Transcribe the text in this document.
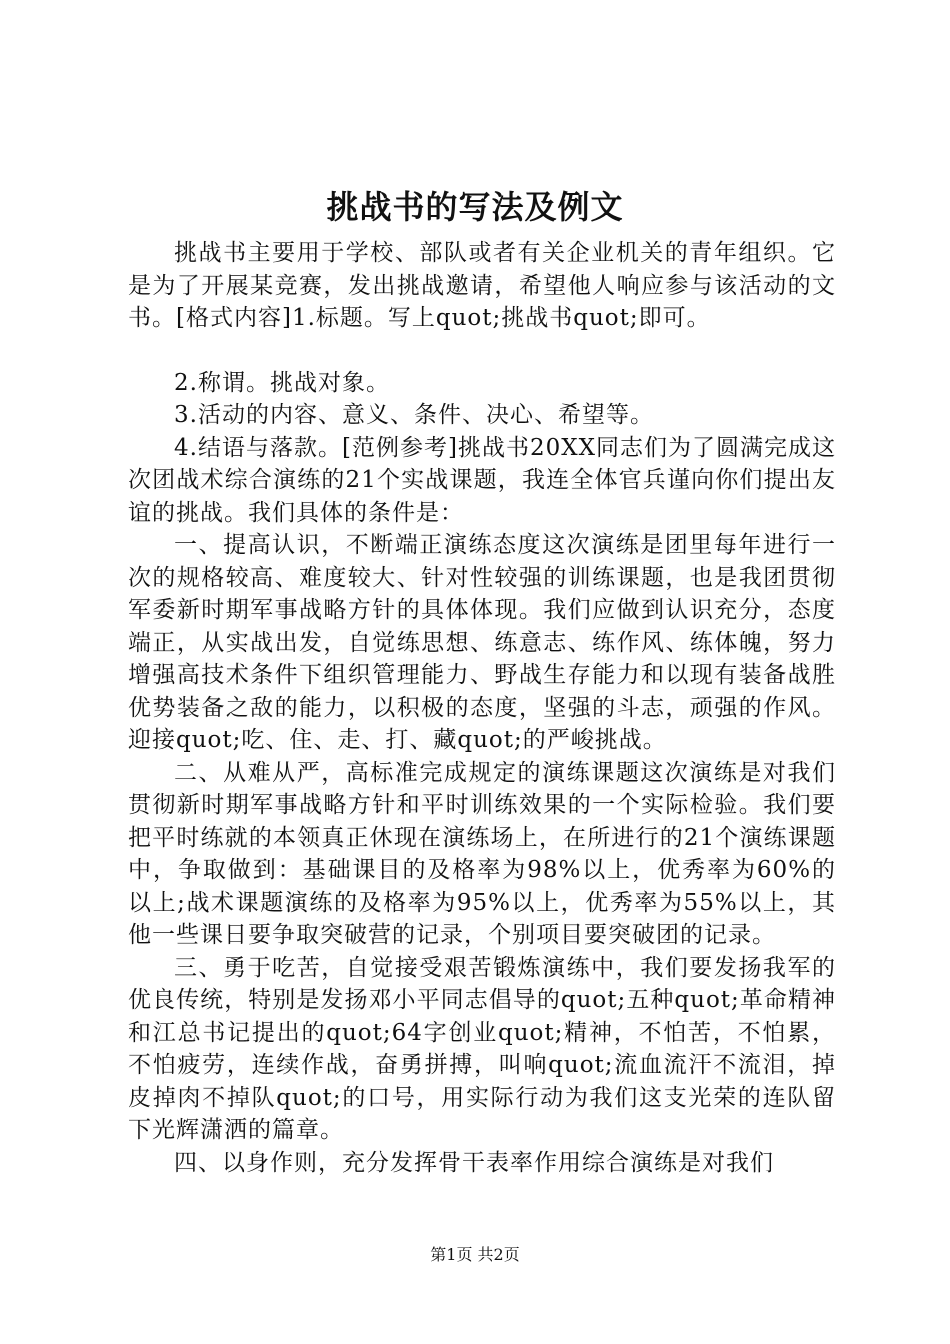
挑战书的写法及例文

挑战书主要用于学校、部队或者有关企业机关的青年组织。它是为了开展某竞赛，发出挑战邀请，希望他人响应参与该活动的文书。[格式内容]1.标题。写上quot;挑战书quot;即可。

2.称谓。挑战对象。

3.活动的内容、意义、条件、决心、希望等。

4.结语与落款。[范例参考]挑战书20XX同志们为了圆满完成这次团战术综合演练的21个实战课题，我连全体官兵谨向你们提出友谊的挑战。我们具体的条件是：

一、提高认识，不断端正演练态度这次演练是团里每年进行一次的规格较高、难度较大、针对性较强的训练课题，也是我团贯彻军委新时期军事战略方针的具体体现。我们应做到认识充分，态度端正，从实战出发，自觉练思想、练意志、练作风、练体魄，努力增强高技术条件下组织管理能力、野战生存能力和以现有装备战胜优势装备之敌的能力，以积极的态度，坚强的斗志，顽强的作风。迎接quot;吃、住、走、打、藏quot;的严峻挑战。

二、从难从严，高标准完成规定的演练课题这次演练是对我们贯彻新时期军事战略方针和平时训练效果的一个实际检验。我们要把平时练就的本领真正休现在演练场上，在所进行的21个演练课题中，争取做到：基础课目的及格率为98%以上，优秀率为60%的以上;战术课题演练的及格率为95%以上，优秀率为55%以上，其他一些课日要争取突破营的记录，个别项目要突破团的记录。

三、勇于吃苦，自觉接受艰苦锻炼演练中，我们要发扬我军的优良传统，特别是发扬邓小平同志倡导的quot;五种quot;革命精神和江总书记提出的quot;64字创业quot;精神，不怕苦，不怕累，不怕疲劳，连续作战，奋勇拼搏，叫响quot;流血流汗不流泪，掉皮掉肉不掉队quot;的口号，用实际行动为我们这支光荣的连队留下光辉潇洒的篇章。

四、以身作则，充分发挥骨干表率作用综合演练是对我们

第1页 共2页
